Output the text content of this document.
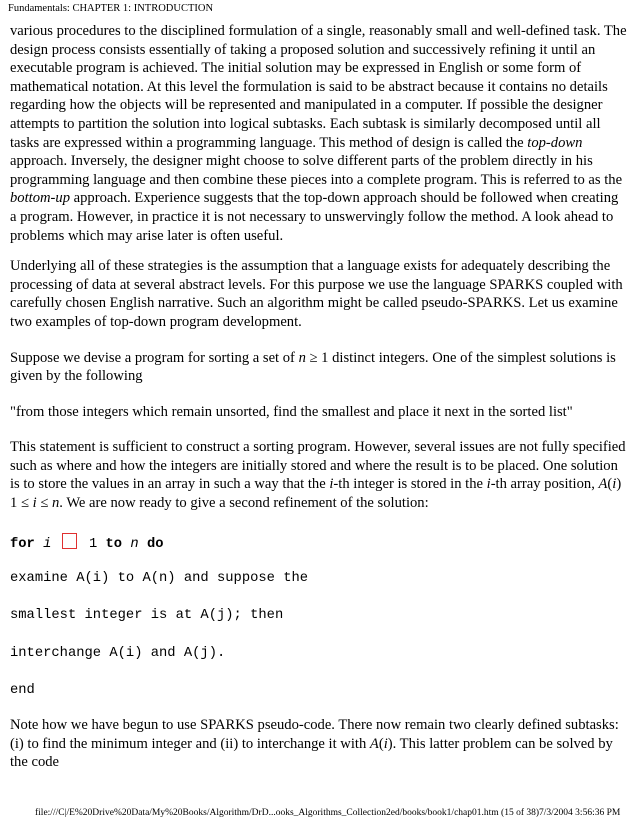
Fundamentals: CHAPTER 1: INTRODUCTION

various procedures to the disciplined formulation of a single, reasonably small and well-defined task. The design process consists essentially of taking a proposed solution and successively refining it until an executable program is achieved. The initial solution may be expressed in English or some form of mathematical notation. At this level the formulation is said to be abstract because it contains no details regarding how the objects will be represented and manipulated in a computer. If possible the designer attempts to partition the solution into logical subtasks. Each subtask is similarly decomposed until all tasks are expressed within a programming language. This method of design is called the top-down approach. Inversely, the designer might choose to solve different parts of the problem directly in his programming language and then combine these pieces into a complete program. This is referred to as the bottom-up approach. Experience suggests that the top-down approach should be followed when creating a program. However, in practice it is not necessary to unswervingly follow the method. A look ahead to problems which may arise later is often useful.

Underlying all of these strategies is the assumption that a language exists for adequately describing the processing of data at several abstract levels. For this purpose we use the language SPARKS coupled with carefully chosen English narrative. Such an algorithm might be called pseudo-SPARKS. Let us examine two examples of top-down program development.

Suppose we devise a program for sorting a set of n ≥ 1 distinct integers. One of the simplest solutions is given by the following

"from those integers which remain unsorted, find the smallest and place it next in the sorted list"

This statement is sufficient to construct a sorting program. However, several issues are not fully specified such as where and how the integers are initially stored and where the result is to be placed. One solution is to store the values in an array in such a way that the i-th integer is stored in the i-th array position, A(i) 1 ≤ i ≤ n. We are now ready to give a second refinement of the solution:

for i	1 to n do
examine A(i) to A(n) and suppose the
smallest integer is at A(j); then
interchange A(i) and A(j).
end

Note how we have begun to use SPARKS pseudo-code. There now remain two clearly defined subtasks: (i) to find the minimum integer and (ii) to interchange it with A(i). This latter problem can be solved by the code

file:///C|/E%20Drive%20Data/My%20Books/Algorithm/DrD...ooks_Algorithms_Collection2ed/books/book1/chap01.htm (15 of 38)7/3/2004 3:56:36 PM
